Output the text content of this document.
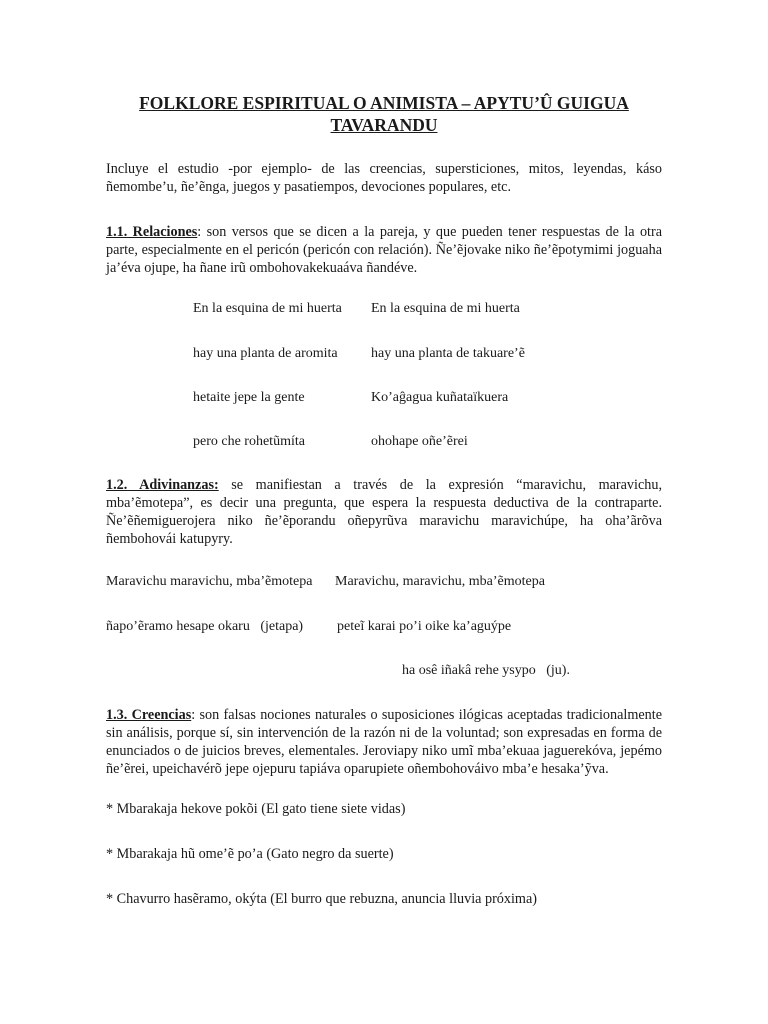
FOLKLORE ESPIRITUAL O ANIMISTA – APYTU’Û GUIGUA
TAVARANDU
Incluye el estudio -por ejemplo- de las creencias, supersticiones, mitos, leyendas, káso ñemombe’u, ñe’ẽnga, juegos y pasatiempos, devociones populares, etc.
1.1. Relaciones: son versos que se dicen a la pareja, y que pueden tener respuestas de la otra parte, especialmente en el pericón (pericón con relación). Ñe’ẽjovake niko ñe’ẽpotymimi joguaha ja’éva ojupe, ha ñane irũ ombohovakekuaáva ñandéve.
En la esquina de mi huerta En la esquina de mi huerta
hay una planta de aromita hay una planta de takuare’ẽ
hetaite jepe la gente	Ko’aĝagua kuñataïkuera
pero che rohetũmíta	ohohape oñe’ẽrei
1.2. Adivinanzas: se manifiestan a través de la expresión “maravichu, maravichu, mba’ẽmotepa”, es decir una pregunta, que espera la respuesta deductiva de la contraparte. Ñe’ẽñemiguerojera niko ñe’ẽporandu oñepyrũva maravichu maravichúpe, ha oha’ãrõva ñembohovái katupyry.
Maravichu maravichu, mba’ẽmotepa Maravichu, maravichu, mba’ẽmotepa
ñapo’ẽramo hesape okaru   (jetapa) peteĩ karai po’i oike ka’aguýpe
ha osê iñakâ rehe ysypo   (ju).
1.3. Creencias: son falsas nociones naturales o suposiciones ilógicas aceptadas tradicionalmente sin análisis, porque sí, sin intervención de la razón ni de la voluntad; son expresadas en forma de enunciados o de juicios breves, elementales. Jeroviapy niko umĩ mba’ekuaa jaguerekóva, jepémo ñe’ẽrei, upeichavérõ jepe ojepuru tapiáva oparupiete oñembohováivo mba’e hesaka’ỹva.
* Mbarakaja hekove pokõi (El gato tiene siete vidas)
* Mbarakaja hũ ome’ẽ po’a (Gato negro da suerte)
* Chavurro hasẽramo, okýta (El burro que rebuzna, anuncia lluvia próxima)
